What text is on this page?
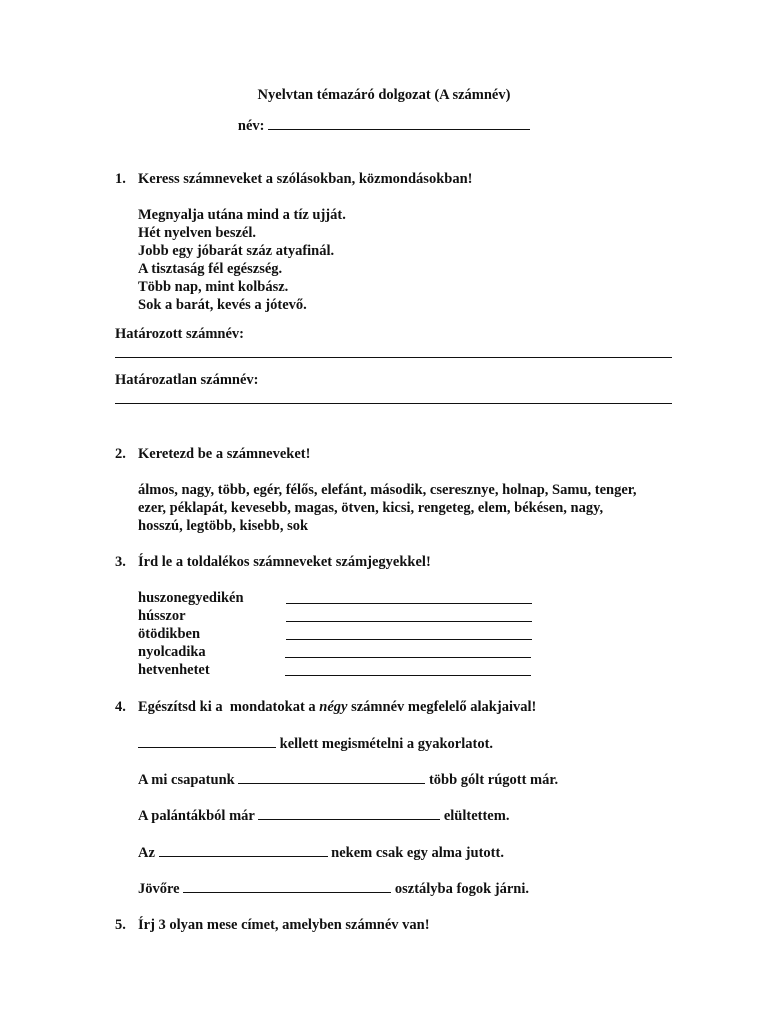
Nyelvtan témazáró dolgozat (A számnév)
név:
1. Keress számneveket a szólásokban, közmondásokban!
Megnyalja utána mind a tíz ujját.
Hét nyelven beszél.
Jobb egy jóbarát száz atyafinál.
A tisztaság fél egészség.
Több nap, mint kolbász.
Sok a barát, kevés a jótevő.
Határozott számnév:
Határozatlan számnév:
2. Keretezd be a számneveket!
álmos, nagy, több, egér, félős, elefánt, második, cseresznye, holnap, Samu, tenger,
ezer, péklapát, kevesebb, magas, ötven, kicsi, rengeteg, elem, békésen, nagy,
hosszú, legtöbb, kisebb, sok
3. Írd le a toldalékos számneveket számjegyekkel!
huszonegyedikén
hússzor
ötödikben
nyolcadika
hetvenhetet
4. Egészítsd ki a  mondatokat a négy számnév megfelelő alakjaival!
kellett megismételni a gyakorlatot.
A mi csapatunk	több gólt rúgott már.
A palántákból már	elültettem.
Az	nekem csak egy alma jutott.
Jövőre	osztályba fogok járni.
5. Írj 3 olyan mese címet, amelyben számnév van!
